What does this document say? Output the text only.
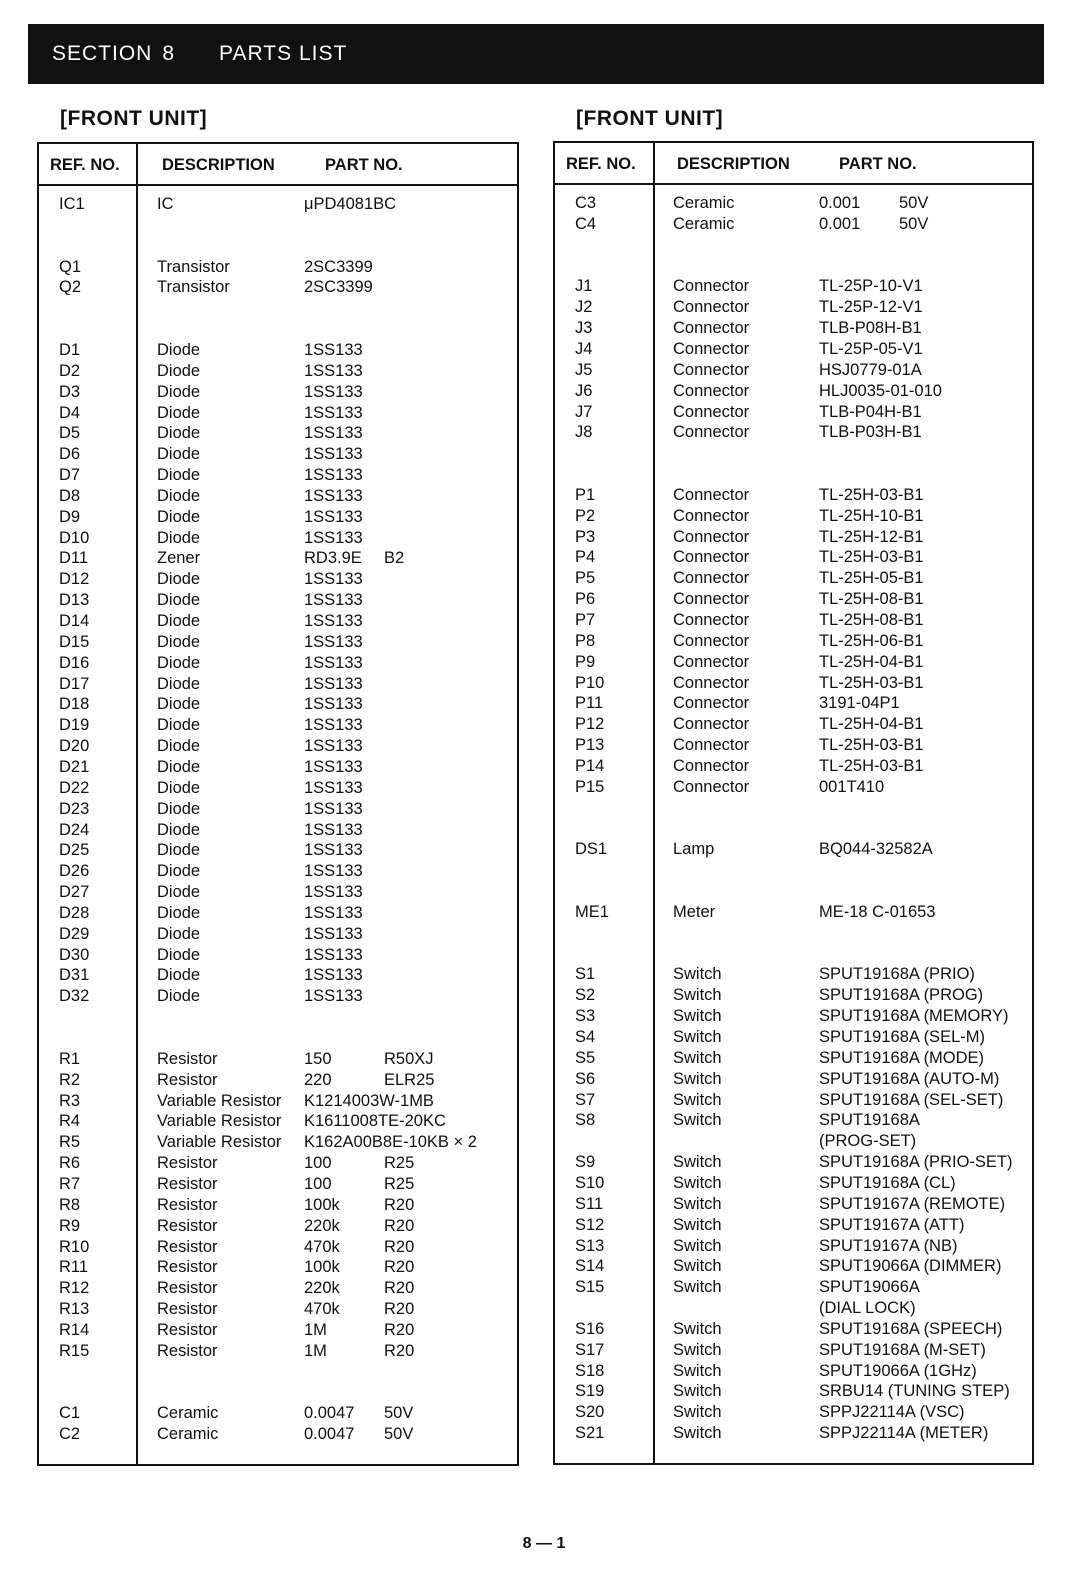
SECTION 8 PARTS LIST
[FRONT UNIT]	[FRONT UNIT]
REF. NO.	DESCRIPTION	PART NO.
IC1	IC	μPD4081BC
Q1	Transistor	2SC3399
Q2	Transistor	2SC3399
D1	Diode	1SS133
D2	Diode	1SS133
D3	Diode	1SS133
D4	Diode	1SS133
D5	Diode	1SS133
D6	Diode	1SS133
D7	Diode	1SS133
D8	Diode	1SS133
D9	Diode	1SS133
D10	Diode	1SS133
D11	Zener	RD3.9E B2
D12	Diode	1SS133
D13	Diode	1SS133
D14	Diode	1SS133
D15	Diode	1SS133
D16	Diode	1SS133
D17	Diode	1SS133
D18	Diode	1SS133
D19	Diode	1SS133
D20	Diode	1SS133
D21	Diode	1SS133
D22	Diode	1SS133
D23	Diode	1SS133
D24	Diode	1SS133
D25	Diode	1SS133
D26	Diode	1SS133
D27	Diode	1SS133
D28	Diode	1SS133
D29	Diode	1SS133
D30	Diode	1SS133
D31	Diode	1SS133
D32	Diode	1SS133
R1	Resistor	150	R50XJ
R2	Resistor	220	ELR25
R3	Variable Resistor K1214003W-1MB
R4	Variable Resistor K1611008TE-20KC
R5	Variable Resistor K162A00B8E-10KB × 2
R6	Resistor	100	R25
R7	Resistor	100	R25
R8	Resistor	100k	R20
R9	Resistor	220k	R20
R10	Resistor	470k	R20
R11	Resistor	100k	R20
R12	Resistor	220k	R20
R13	Resistor	470k	R20
R14	Resistor	1M	R20
R15	Resistor	1M	R20
C1	Ceramic	0.0047 50V
C2	Ceramic	0.0047 50V
REF. NO.	DESCRIPTION	PART NO.
C3	Ceramic	0.001 50V
C4	Ceramic	0.001 50V
J1	Connector	TL-25P-10-V1
J2	Connector	TL-25P-12-V1
J3	Connector	TLB-P08H-B1
J4	Connector	TL-25P-05-V1
J5	Connector	HSJ0779-01A
J6	Connector	HLJ0035-01-010
J7	Connector	TLB-P04H-B1
J8	Connector	TLB-P03H-B1
P1	Connector	TL-25H-03-B1
P2	Connector	TL-25H-10-B1
P3	Connector	TL-25H-12-B1
P4	Connector	TL-25H-03-B1
P5	Connector	TL-25H-05-B1
P6	Connector	TL-25H-08-B1
P7	Connector	TL-25H-08-B1
P8	Connector	TL-25H-06-B1
P9	Connector	TL-25H-04-B1
P10	Connector	TL-25H-03-B1
P11	Connector	3191-04P1
P12	Connector	TL-25H-04-B1
P13	Connector	TL-25H-03-B1
P14	Connector	TL-25H-03-B1
P15	Connector	001T410
DS1	Lamp	BQ044-32582A
ME1	Meter	ME-18 C-01653
S1	Switch	SPUT19168A (PRIO)
S2	Switch	SPUT19168A (PROG)
S3	Switch	SPUT19168A (MEMORY)
S4	Switch	SPUT19168A (SEL-M)
S5	Switch	SPUT19168A (MODE)
S6	Switch	SPUT19168A (AUTO-M)
S7	Switch	SPUT19168A (SEL-SET)
S8	Switch	SPUT19168A
(PROG-SET)
S9	Switch	SPUT19168A (PRIO-SET)
S10	Switch	SPUT19168A (CL)
S11	Switch	SPUT19167A (REMOTE)
S12	Switch	SPUT19167A (ATT)
S13	Switch	SPUT19167A (NB)
S14	Switch	SPUT19066A (DIMMER)
S15	Switch	SPUT19066A
(DIAL LOCK)
S16	Switch	SPUT19168A (SPEECH)
S17	Switch	SPUT19168A (M-SET)
S18	Switch	SPUT19066A (1GHz)
S19	Switch	SRBU14 (TUNING STEP)
S20	Switch	SPPJ22114A (VSC)
S21	Switch	SPPJ22114A (METER)
8 — 1
